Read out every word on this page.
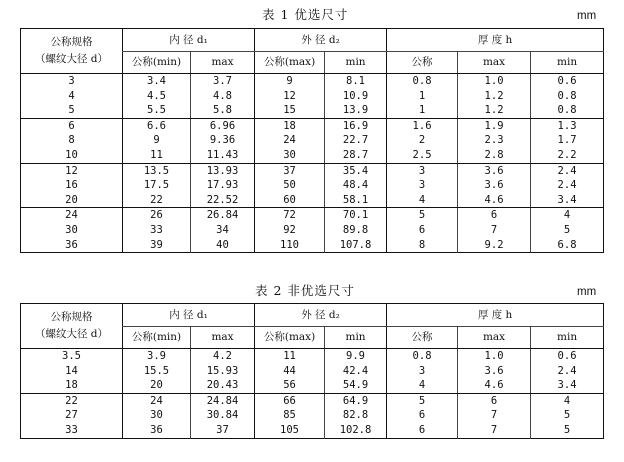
表 1 优选尺寸	mm
公称规格
（螺纹大径 d）	内 径 d₁		外 径 d₂		厚 度 h		
	公称(min)	max	公称(max)	min	公称	max	min
3	3.4	3.7	9	8.1	0.8	1.0	0.6
4	4.5	4.8	12	10.9	1	1.2	0.8
5	5.5	5.8	15	13.9	1	1.2	0.8
6	6.6	6.96	18	16.9	1.6	1.9	1.3
8	9	9.36	24	22.7	2	2.3	1.7
10	11	11.43	30	28.7	2.5	2.8	2.2
12	13.5	13.93	37	35.4	3	3.6	2.4
16	17.5	17.93	50	48.4	3	3.6	2.4
20	22	22.52	60	58.1	4	4.6	3.4
24	26	26.84	72	70.1	5	6	4
30	33	34	92	89.8	6	7	5
36	39	40	110	107.8	8	9.2	6.8
表 2 非优选尺寸	mm
公称规格
（螺纹大径 d）	内 径 d₁		外 径 d₂		厚 度 h		
	公称(min)	max	公称(max)	min	公称	max	min
3.5	3.9	4.2	11	9.9	0.8	1.0	0.6
14	15.5	15.93	44	42.4	3	3.6	2.4
18	20	20.43	56	54.9	4	4.6	3.4
22	24	24.84	66	64.9	5	6	4
27	30	30.84	85	82.8	6	7	5
33	36	37	105	102.8	6	7	5
